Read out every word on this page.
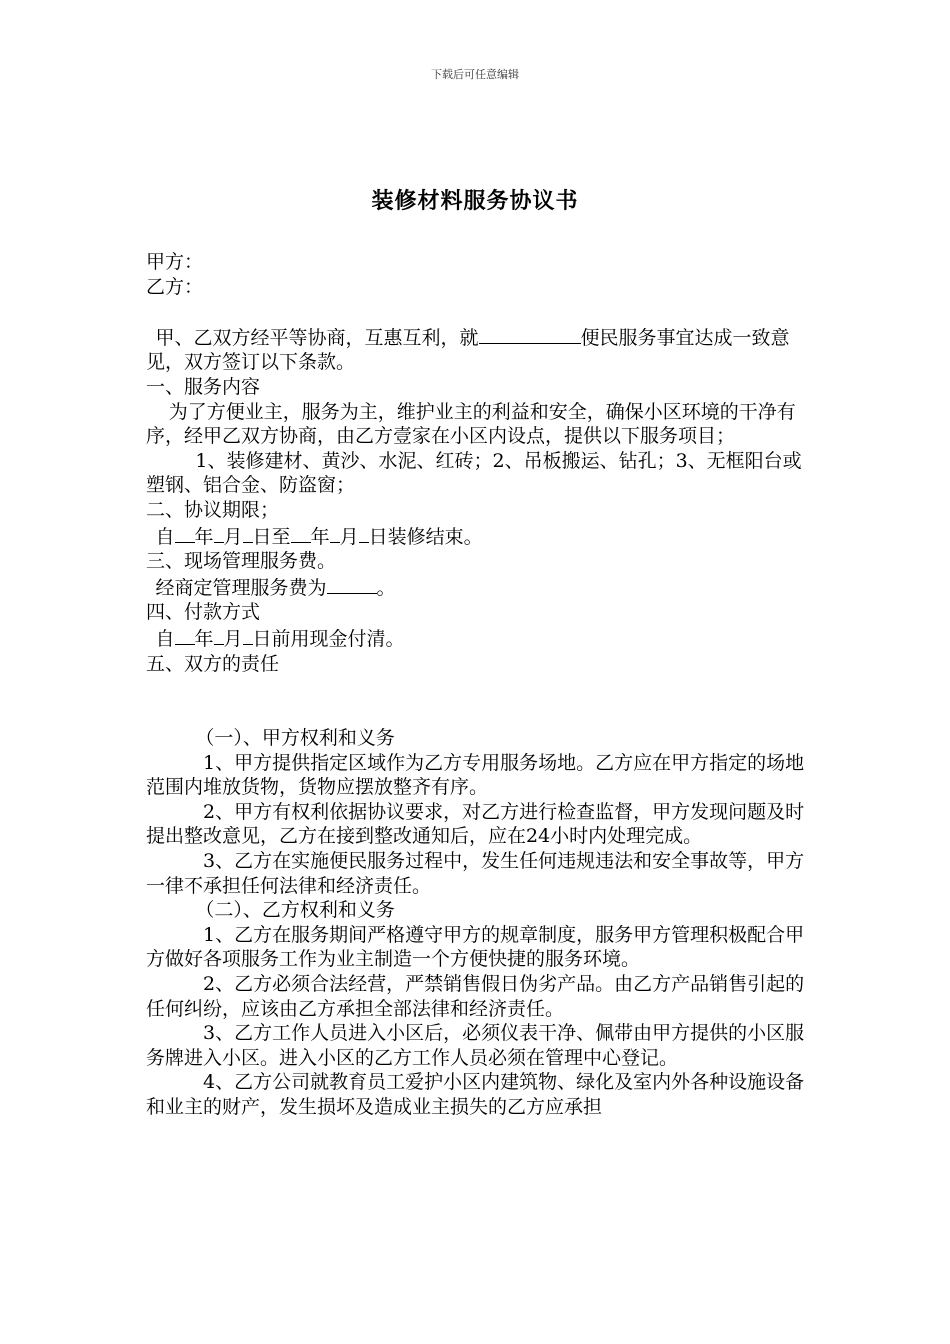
下载后可任意编辑
装修材料服务协议书

甲方：

乙方：

甲、乙双方经平等协商，互惠互利，就	便民服务事宜达成一致意见，双方签订以下条款。

一、服务内容

为了方便业主，服务为主，维护业主的利益和安全，确保小区环境的干净有序，经甲乙双方协商，由乙方壹家在小区内设点，提供以下服务项目；

1、装修建材、黄沙、水泥、红砖；2、吊板搬运、钻孔；3、无框阳台或塑钢、铝合金、防盗窗；

二、协议期限；

自 年 月 日至 年 月 日装修结束。

三、现场管理服务费。

经商定管理服务费为	。

四、付款方式

自 年 月 日前用现金付清。

五、双方的责任

（一）、甲方权利和义务

1、甲方提供指定区域作为乙方专用服务场地。乙方应在甲方指定的场地范围内堆放货物，货物应摆放整齐有序。

2、甲方有权利依据协议要求，对乙方进行检查监督，甲方发现问题及时提出整改意见，乙方在接到整改通知后，应在24小时内处理完成。

3、乙方在实施便民服务过程中，发生任何违规违法和安全事故等，甲方一律不承担任何法律和经济责任。

（二）、乙方权利和义务

1、乙方在服务期间严格遵守甲方的规章制度，服务甲方管理积极配合甲方做好各项服务工作为业主制造一个方便快捷的服务环境。

2、乙方必须合法经营，严禁销售假日伪劣产品。由乙方产品销售引起的任何纠纷，应该由乙方承担全部法律和经济责任。

3、乙方工作人员进入小区后，必须仪表干净、佩带由甲方提供的小区服务牌进入小区。进入小区的乙方工作人员必须在管理中心登记。

4、乙方公司就教育员工爱护小区内建筑物、绿化及室内外各种设施设备和业主的财产，发生损坏及造成业主损失的乙方应承担
